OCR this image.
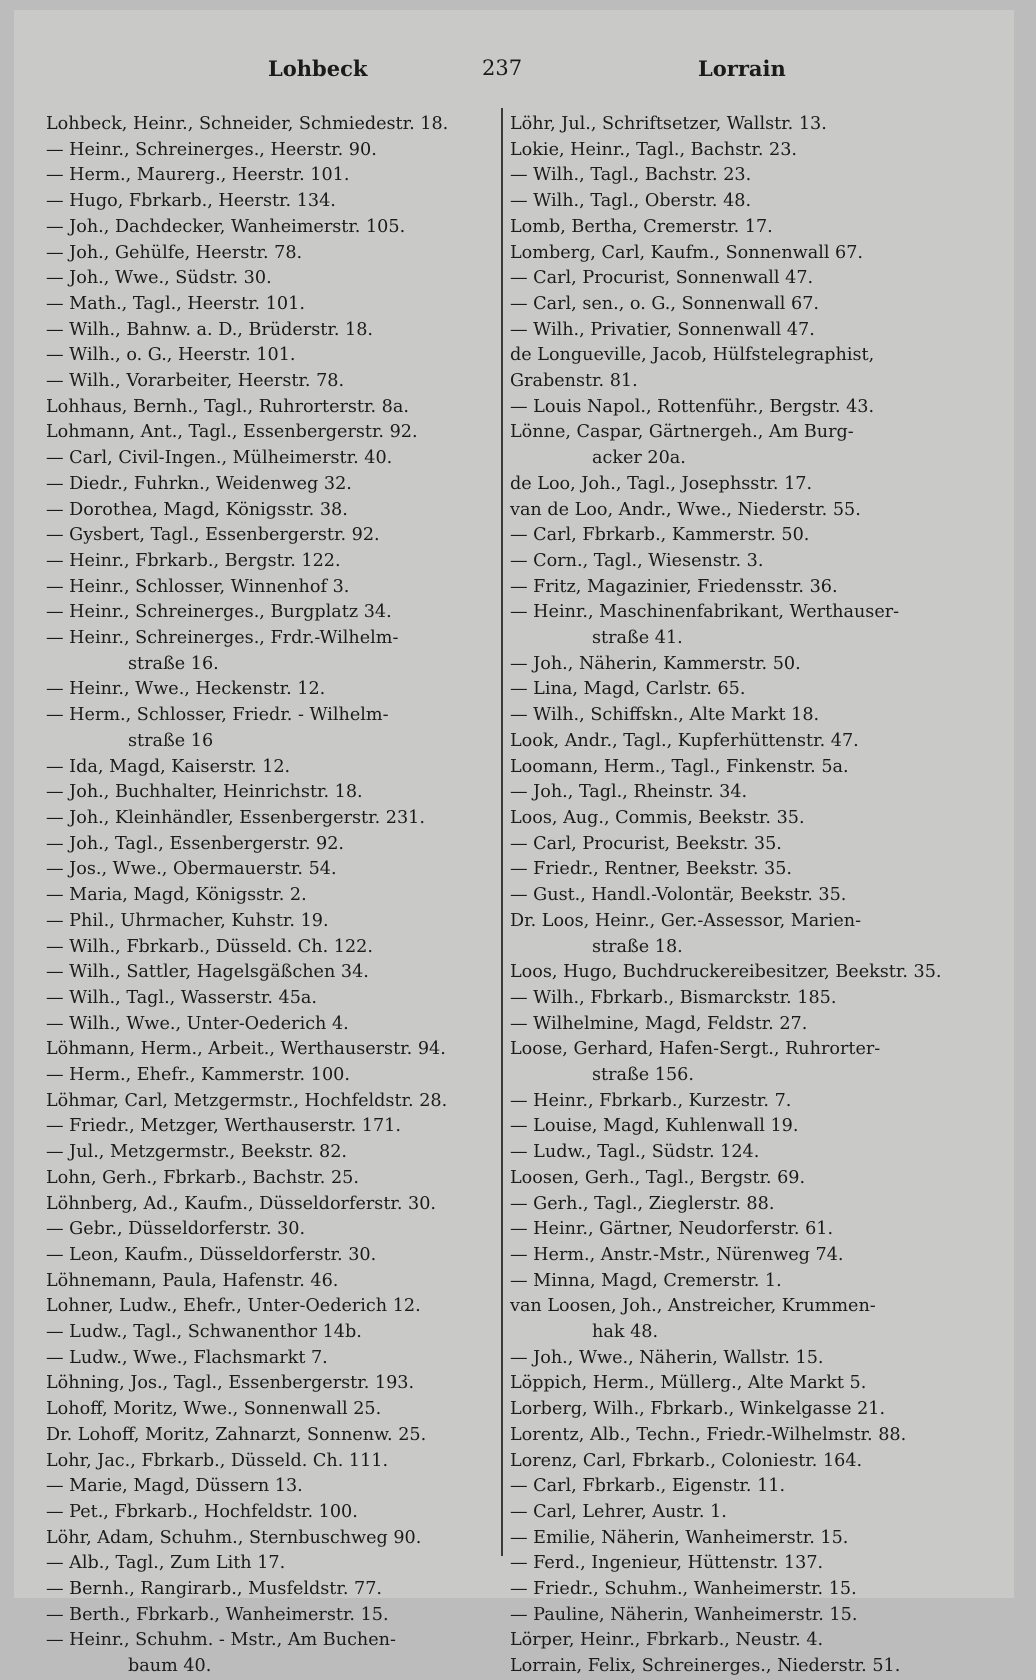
Lohbeck	237	Lorrain
Lohbeck, Heinr., Schneider, Schmiedestr. 18.
— Heinr., Schreinerges., Heerstr. 90.
— Herm., Maurerg., Heerstr. 101.
— Hugo, Fbrkarb., Heerstr. 134.
— Joh., Dachdecker, Wanheimerstr. 105.
— Joh., Gehülfe, Heerstr. 78.
— Joh., Wwe., Südstr. 30.
— Math., Tagl., Heerstr. 101.
— Wilh., Bahnw. a. D., Brüderstr. 18.
— Wilh., o. G., Heerstr. 101.
— Wilh., Vorarbeiter, Heerstr. 78.
Lohhaus, Bernh., Tagl., Ruhrorterstr. 8a.
Lohmann, Ant., Tagl., Essenbergerstr. 92.
— Carl, Civil-Ingen., Mülheimerstr. 40.
— Diedr., Fuhrkn., Weidenweg 32.
— Dorothea, Magd, Königsstr. 38.
— Gysbert, Tagl., Essenbergerstr. 92.
— Heinr., Fbrkarb., Bergstr. 122.
— Heinr., Schlosser, Winnenhof 3.
— Heinr., Schreinerges., Burgplatz 34.
— Heinr., Schreinerges., Frdr.-Wilhelm-
straße 16.
— Heinr., Wwe., Heckenstr. 12.
— Herm., Schlosser, Friedr. - Wilhelm-
straße 16
— Ida, Magd, Kaiserstr. 12.
— Joh., Buchhalter, Heinrichstr. 18.
— Joh., Kleinhändler, Essenbergerstr. 231.
— Joh., Tagl., Essenbergerstr. 92.
— Jos., Wwe., Obermauerstr. 54.
— Maria, Magd, Königsstr. 2.
— Phil., Uhrmacher, Kuhstr. 19.
— Wilh., Fbrkarb., Düsseld. Ch. 122.
— Wilh., Sattler, Hagelsgäßchen 34.
— Wilh., Tagl., Wasserstr. 45a.
— Wilh., Wwe., Unter-Oederich 4.
Löhmann, Herm., Arbeit., Werthauserstr. 94.
— Herm., Ehefr., Kammerstr. 100.
Löhmar, Carl, Metzgermstr., Hochfeldstr. 28.
— Friedr., Metzger, Werthauserstr. 171.
— Jul., Metzgermstr., Beekstr. 82.
Lohn, Gerh., Fbrkarb., Bachstr. 25.
Löhnberg, Ad., Kaufm., Düsseldorferstr. 30.
— Gebr., Düsseldorferstr. 30.
— Leon, Kaufm., Düsseldorferstr. 30.
Löhnemann, Paula, Hafenstr. 46.
Lohner, Ludw., Ehefr., Unter-Oederich 12.
— Ludw., Tagl., Schwanenthor 14b.
— Ludw., Wwe., Flachsmarkt 7.
Löhning, Jos., Tagl., Essenbergerstr. 193.
Lohoff, Moritz, Wwe., Sonnenwall 25.
Dr. Lohoff, Moritz, Zahnarzt, Sonnenw. 25.
Lohr, Jac., Fbrkarb., Düsseld. Ch. 111.
— Marie, Magd, Düssern 13.
— Pet., Fbrkarb., Hochfeldstr. 100.
Löhr, Adam, Schuhm., Sternbuschweg 90.
— Alb., Tagl., Zum Lith 17.
— Bernh., Rangirarb., Musfeldstr. 77.
— Berth., Fbrkarb., Wanheimerstr. 15.
— Heinr., Schuhm. - Mstr., Am Buchen-
baum 40.
Löhr, Jul., Schriftsetzer, Wallstr. 13.
Lokie, Heinr., Tagl., Bachstr. 23.
— Wilh., Tagl., Bachstr. 23.
— Wilh., Tagl., Oberstr. 48.
Lomb, Bertha, Cremerstr. 17.
Lomberg, Carl, Kaufm., Sonnenwall 67.
— Carl, Procurist, Sonnenwall 47.
— Carl, sen., o. G., Sonnenwall 67.
— Wilh., Privatier, Sonnenwall 47.
de Longueville, Jacob, Hülfstelegraphist,
Grabenstr. 81.
— Louis Napol., Rottenführ., Bergstr. 43.
Lönne, Caspar, Gärtnergeh., Am Burg-
acker 20a.
de Loo, Joh., Tagl., Josephsstr. 17.
van de Loo, Andr., Wwe., Niederstr. 55.
— Carl, Fbrkarb., Kammerstr. 50.
— Corn., Tagl., Wiesenstr. 3.
— Fritz, Magazinier, Friedensstr. 36.
— Heinr., Maschinenfabrikant, Werthauser-
straße 41.
— Joh., Näherin, Kammerstr. 50.
— Lina, Magd, Carlstr. 65.
— Wilh., Schiffskn., Alte Markt 18.
Look, Andr., Tagl., Kupferhüttenstr. 47.
Loomann, Herm., Tagl., Finkenstr. 5a.
— Joh., Tagl., Rheinstr. 34.
Loos, Aug., Commis, Beekstr. 35.
— Carl, Procurist, Beekstr. 35.
— Friedr., Rentner, Beekstr. 35.
— Gust., Handl.-Volontär, Beekstr. 35.
Dr. Loos, Heinr., Ger.-Assessor, Marien-
straße 18.
Loos, Hugo, Buchdruckereibesitzer, Beekstr. 35.
— Wilh., Fbrkarb., Bismarckstr. 185.
— Wilhelmine, Magd, Feldstr. 27.
Loose, Gerhard, Hafen-Sergt., Ruhrorter-
straße 156.
— Heinr., Fbrkarb., Kurzestr. 7.
— Louise, Magd, Kuhlenwall 19.
— Ludw., Tagl., Südstr. 124.
Loosen, Gerh., Tagl., Bergstr. 69.
— Gerh., Tagl., Zieglerstr. 88.
— Heinr., Gärtner, Neudorferstr. 61.
— Herm., Anstr.-Mstr., Nürenweg 74.
— Minna, Magd, Cremerstr. 1.
van Loosen, Joh., Anstreicher, Krummen-
hak 48.
— Joh., Wwe., Näherin, Wallstr. 15.
Löppich, Herm., Müllerg., Alte Markt 5.
Lorberg, Wilh., Fbrkarb., Winkelgasse 21.
Lorentz, Alb., Techn., Friedr.-Wilhelmstr. 88.
Lorenz, Carl, Fbrkarb., Coloniestr. 164.
— Carl, Fbrkarb., Eigenstr. 11.
— Carl, Lehrer, Austr. 1.
— Emilie, Näherin, Wanheimerstr. 15.
— Ferd., Ingenieur, Hüttenstr. 137.
— Friedr., Schuhm., Wanheimerstr. 15.
— Pauline, Näherin, Wanheimerstr. 15.
Lörper, Heinr., Fbrkarb., Neustr. 4.
Lorrain, Felix, Schreinerges., Niederstr. 51.
